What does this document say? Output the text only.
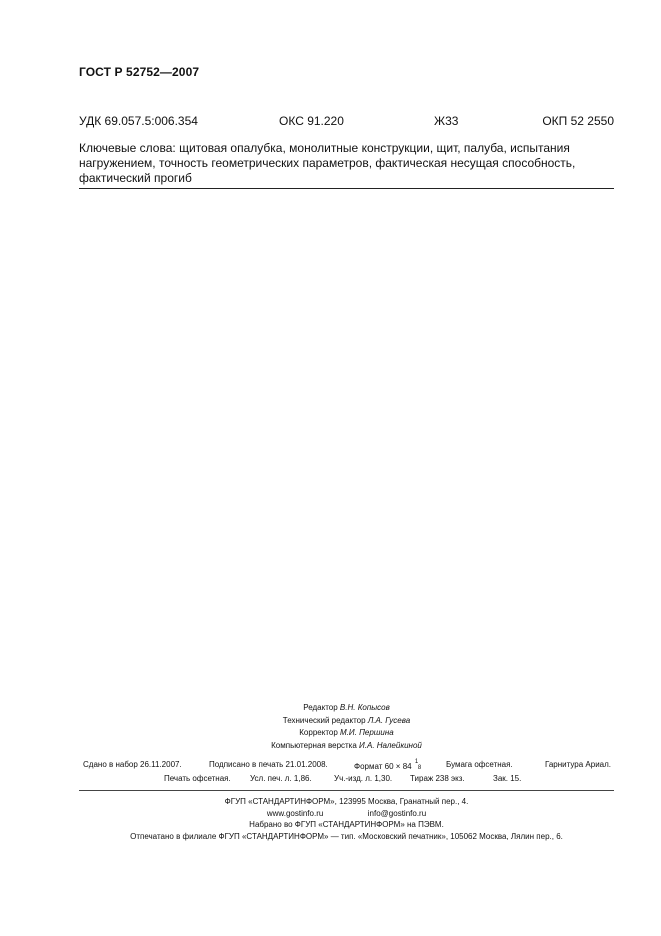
ГОСТ Р 52752—2007
УДК 69.057.5:006.354	ОКС 91.220	Ж33	ОКП 52 2550
Ключевые слова: щитовая опалубка, монолитные конструкции, щит, палуба, испытания нагружением, точность геометрических параметров, фактическая несущая способность, фактический прогиб
Редактор В.Н. Копысов
Технический редактор Л.А. Гусева
Корректор М.И. Першина
Компьютерная верстка И.А. Налейкиной
Сдано в набор 26.11.2007.	Подписано в печать 21.01.2008.	Формат 60 × 84 1
8	Бумага офсетная.	Гарнитура Ариал.
Печать офсетная. Усл. печ. л. 1,86.	Уч.-изд. л. 1,30. Тираж 238 экз.	Зак. 15.
ФГУП «СТАНДАРТИНФОРМ», 123995 Москва, Гранатный пер., 4.
www.gostinfo.ru	info@gostinfo.ru
Набрано во ФГУП «СТАНДАРТИНФОРМ» на ПЭВМ.
Отпечатано в филиале ФГУП «СТАНДАРТИНФОРМ» — тип. «Московский печатник», 105062 Москва, Лялин пер., 6.
